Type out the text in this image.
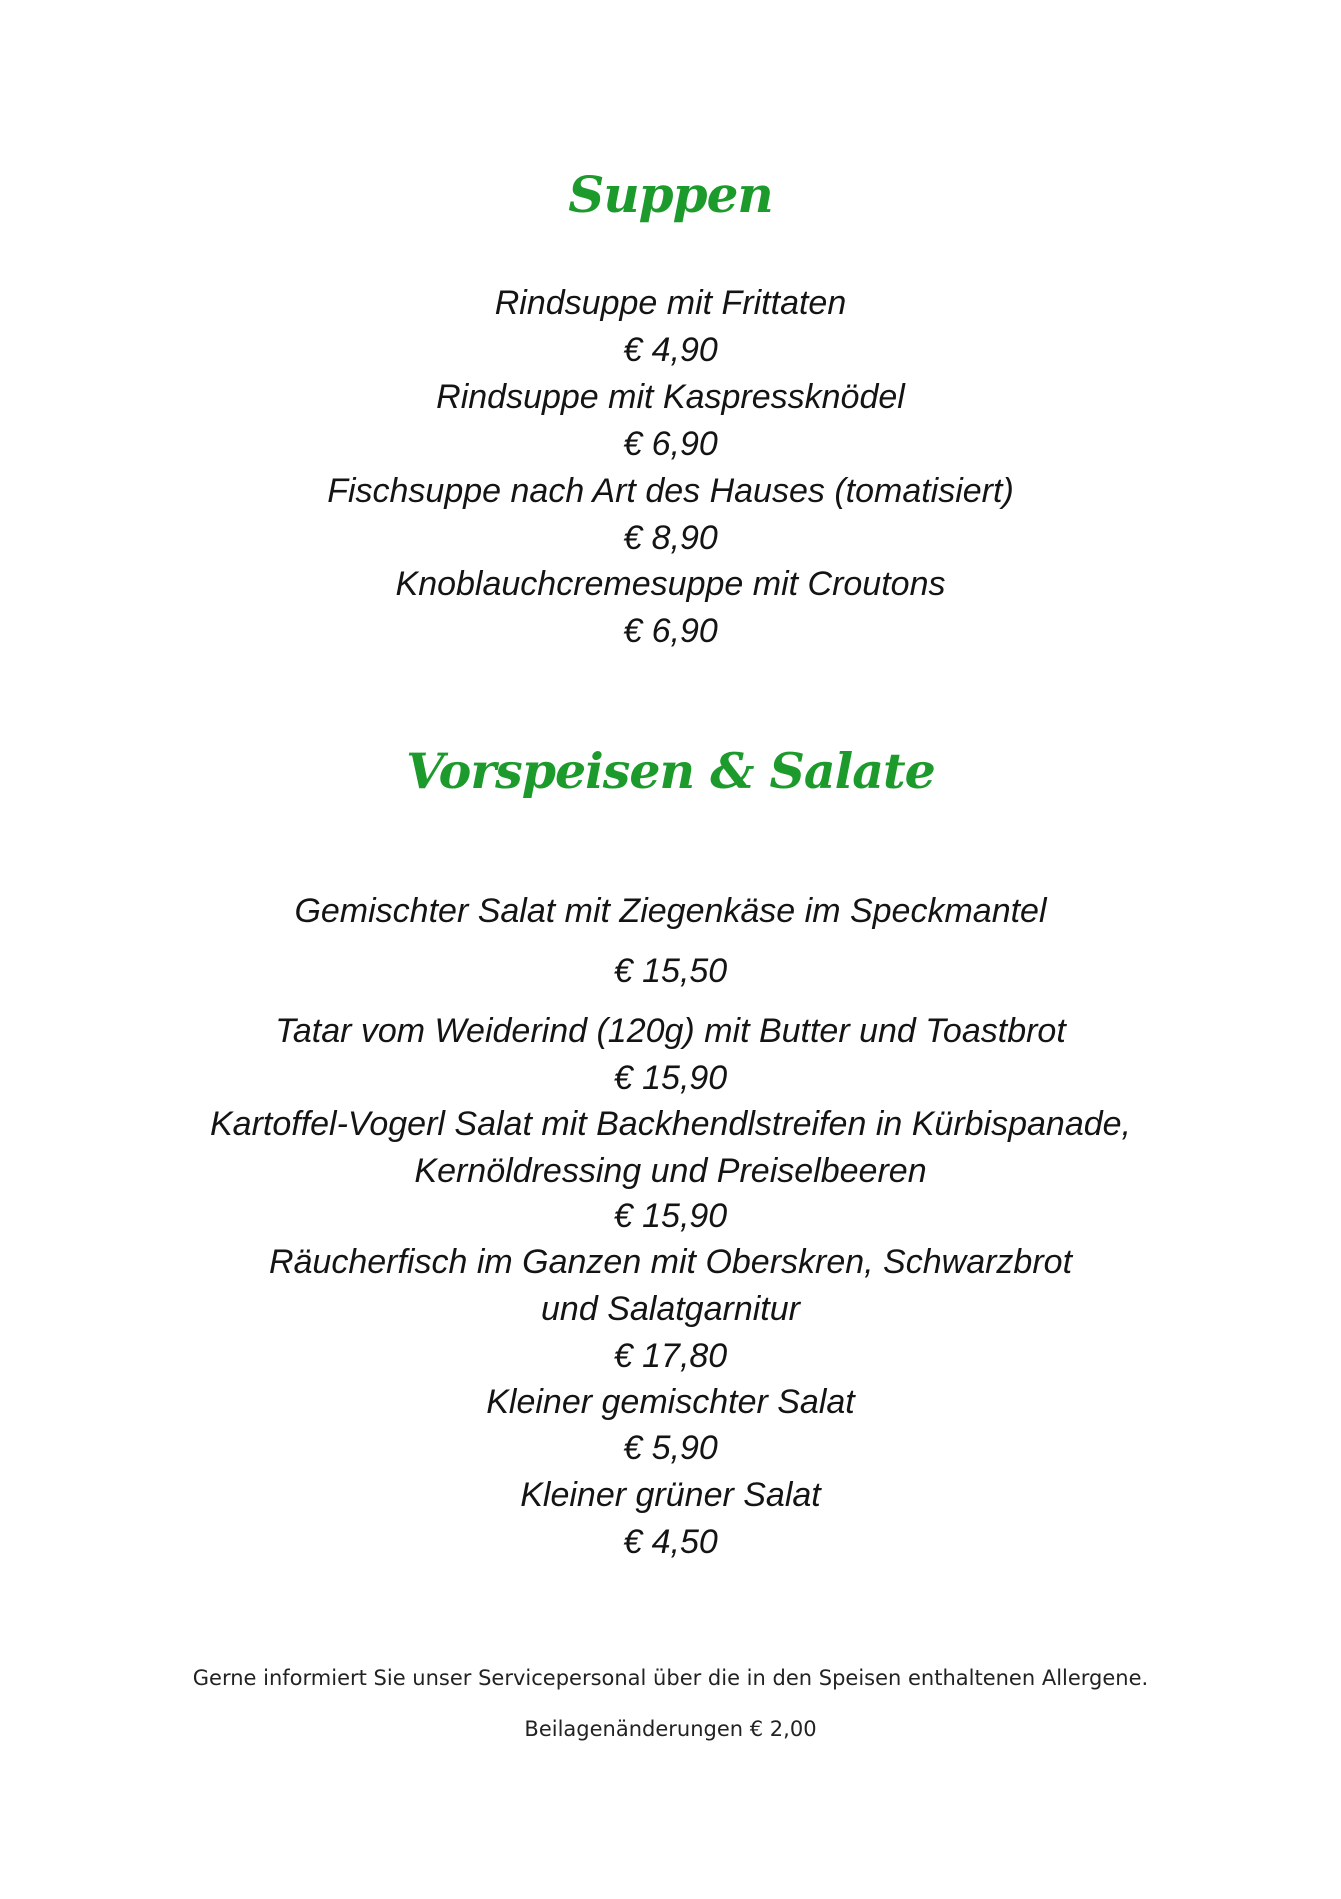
Suppen
Rindsuppe mit Frittaten
€ 4,90
Rindsuppe mit Kaspressknödel
€ 6,90
Fischsuppe nach Art des Hauses (tomatisiert)
€ 8,90
Knoblauchcremesuppe mit Croutons
€ 6,90
Vorspeisen & Salate
Gemischter Salat mit Ziegenkäse im Speckmantel
€ 15,50
Tatar vom Weiderind (120g) mit Butter und Toastbrot
€ 15,90
Kartoffel-Vogerl Salat mit Backhendlstreifen in Kürbispanade,
Kernöldressing und Preiselbeeren
€ 15,90
Räucherfisch im Ganzen mit Oberskren, Schwarzbrot
und Salatgarnitur
€ 17,80
Kleiner gemischter Salat
€ 5,90
Kleiner grüner Salat
€ 4,50
Gerne informiert Sie unser Servicepersonal über die in den Speisen enthaltenen Allergene.
Beilagenänderungen € 2,00
